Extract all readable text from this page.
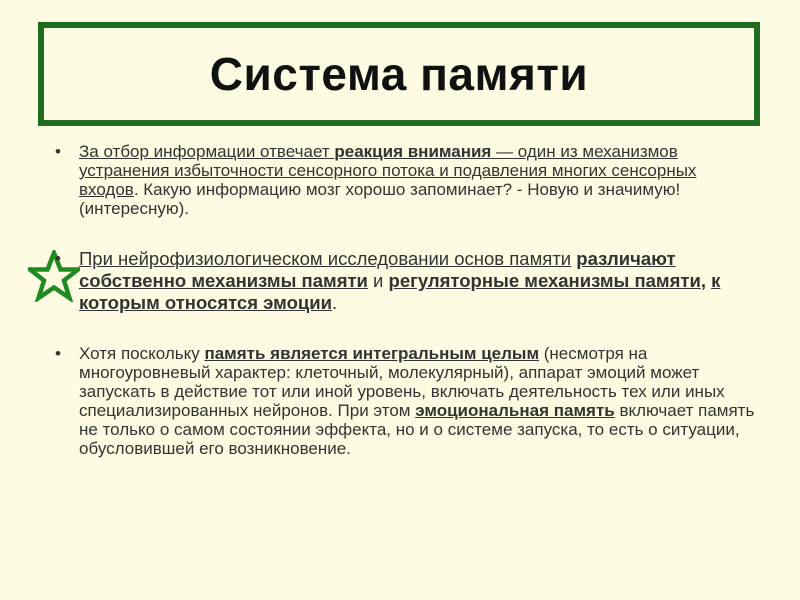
Система памяти
• За отбор информации отвечает реакция внимания — один из механизмов устранения избыточности сенсорного потока и подавления многих сенсорных входов. Какую информацию мозг хорошо запоминает? - Новую и значимую! (интересную).
• При нейрофизиологическом исследовании основ памяти различают собственно механизмы памяти и регуляторные механизмы памяти, к которым относятся эмоции.
• Хотя поскольку память является интегральным целым (несмотря на многоуровневый характер: клеточный, молекулярный), аппарат эмоций может запускать в действие тот или иной уровень, включать деятельность тех или иных специализированных нейронов. При этом эмоциональная память включает память не только о самом состоянии эффекта, но и о системе запуска, то есть о ситуации, обусловившей его возникновение.
